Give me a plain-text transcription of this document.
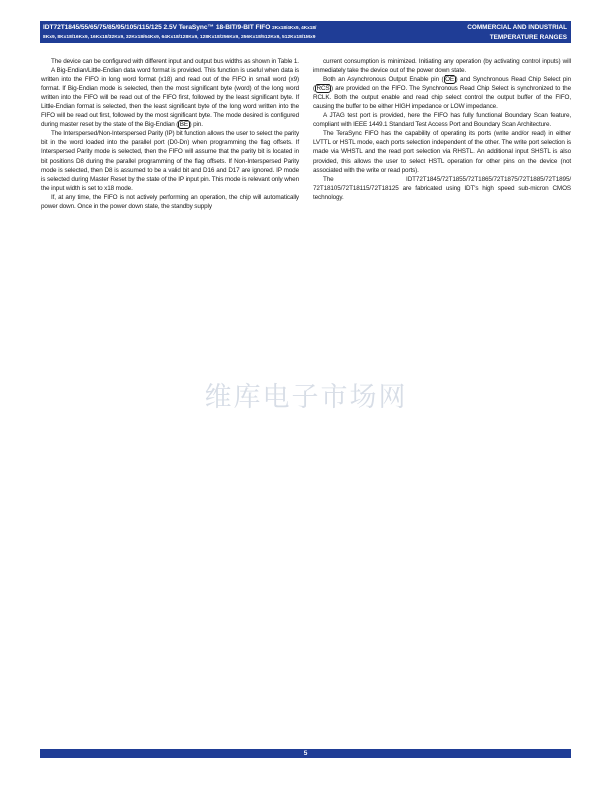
IDT72T1845/55/65/75/85/95/105/115/125 2.5V TeraSync™ 18-BIT/9-BIT FIFO 2Kx18/4Kx9, 4Kx18/
8Kx9, 8Kx18/16Kx9, 16Kx18/32Kx9, 32Kx18/64Kx9, 64Kx18/128Kx9, 128Kx18/256Kx9, 256Kx18/512Kx9, 512Kx18/1Mx9
COMMERCIAL AND INDUSTRIAL
TEMPERATURE RANGES

The device can be configured with different input and output bus widths as shown in Table 1.

A Big-Endian/Little-Endian data word format is provided. This function is useful when data is written into the FIFO in long word format (x18) and read out of the FIFO in small word (x9) format. If Big-Endian mode is selected, then the most significant byte (word) of the long word written into the FIFO will be read out of the FIFO first, followed by the least significant byte. If Little-Endian format is selected, then the least significant byte of the long word written into the FIFO will be read out first, followed by the most significant byte. The mode desired is configured during master reset by the state of the Big-Endian ( $\overline{BE}$ ) pin.

The Interspersed/Non-Interspersed Parity (IP) bit function allows the user to select the parity bit in the word loaded into the parallel port (D0-Dn) when programming the flag offsets. If Interspersed Parity mode is selected, then the FIFO will assume that the parity bit is located in bit positions D8 during the parallel programming of the flag offsets. If Non-Interspersed Parity mode is selected, then D8 is assumed to be a valid bit and D16 and D17 are ignored. IP mode is selected during Master Reset by the state of the IP input pin. This mode is relevant only when the input width is set to x18 mode.

If, at any time, the FIFO is not actively performing an operation, the chip will automatically power down. Once in the power down state, the standby supply

current consumption is minimized. Initiating any operation (by activating control inputs) will immediately take the device out of the power down state.

Both an Asynchronous Output Enable pin ( $\overline{OE}$ ) and Synchronous Read Chip Select pin ( $\overline{RCS}$ ) are provided on the FIFO. The Synchronous Read Chip Select is synchronized to the RCLK. Both the output enable and read chip select control the output buffer of the FIFO, causing the buffer to be either HIGH impedance or LOW impedance.

A JTAG test port is provided, here the FIFO has fully functional Boundary Scan feature, compliant with IEEE 1449.1 Standard Test Access Port and Boundary Scan Architecture.

The TeraSync FIFO has the capability of operating its ports (write and/or read) in either LVTTL or HSTL mode, each ports selection independent of the other. The write port selection is made via WHSTL and the read port selection via RHSTL. An additional input SHSTL is also provided, this allows the user to select HSTL operation for other pins on the device (not associated with the write or read ports).

The IDT72T1845/72T1855/72T1865/72T1875/72T1885/72T1895/ 72T18105/72T18115/72T18125 are fabricated using IDT's high speed sub-micron CMOS technology.

维库电子市场网
5
